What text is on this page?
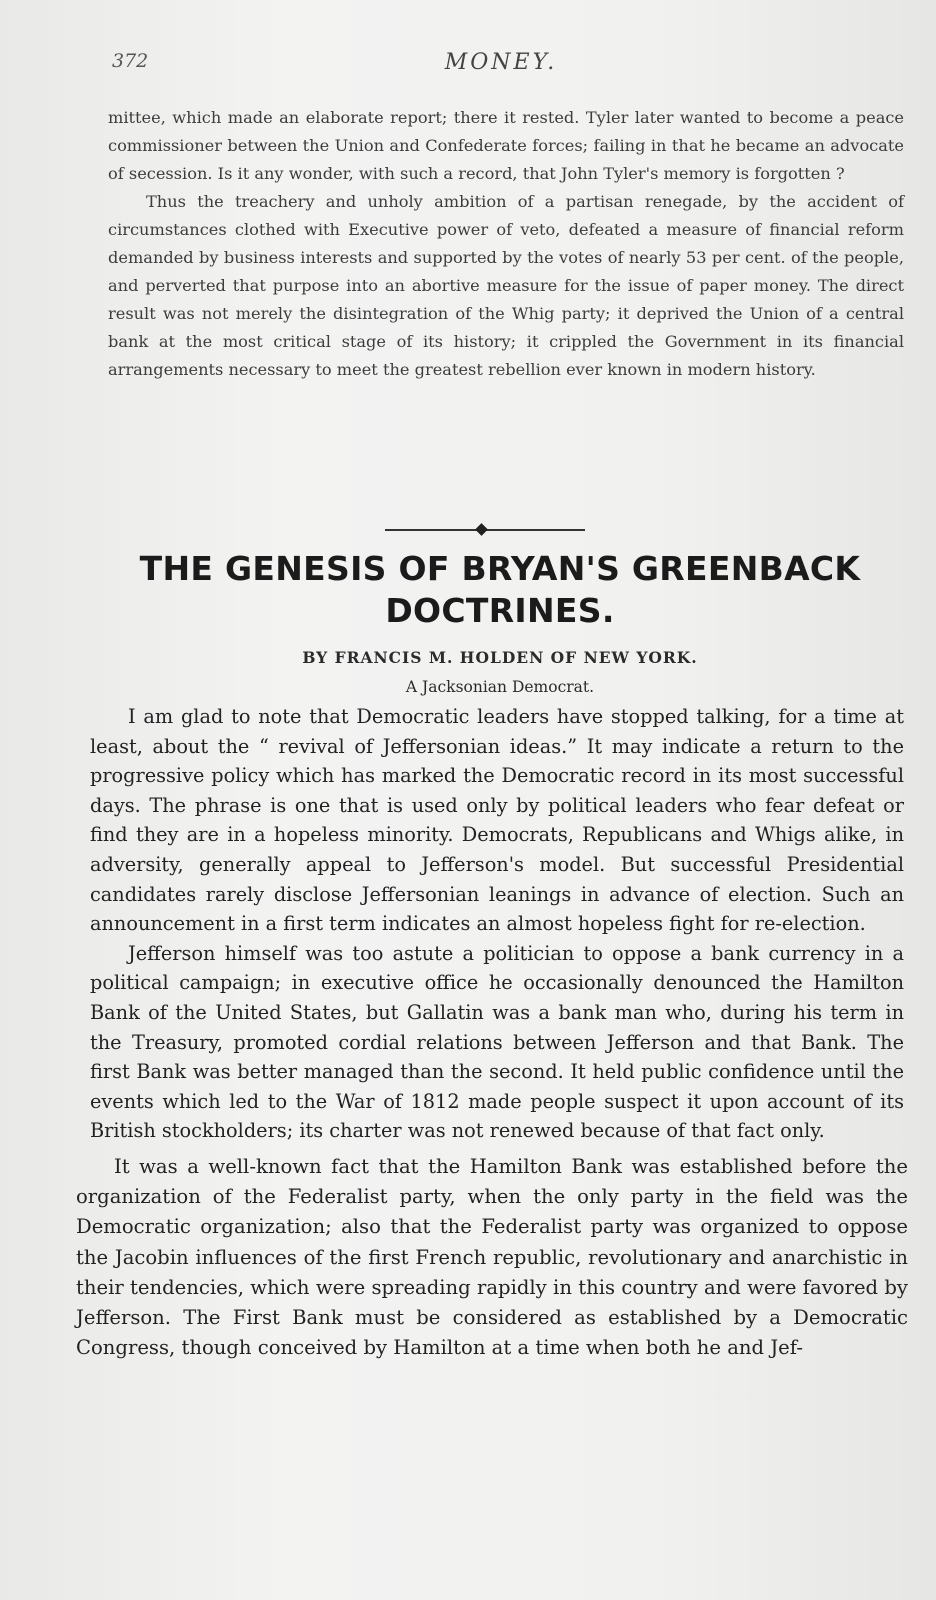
372	MONEY.

mittee, which made an elaborate report; there it rested. Tyler later wanted to become a peace commissioner between the Union and Confederate forces; failing in that he became an advocate of secession. Is it any wonder, with such a record, that John Tyler's memory is forgotten ?

Thus the treachery and unholy ambition of a partisan renegade, by the accident of circumstances clothed with Executive power of veto, defeated a measure of financial reform demanded by business interests and supported by the votes of nearly 53 per cent. of the people, and perverted that purpose into an abortive measure for the issue of paper money. The direct result was not merely the disintegration of the Whig party; it deprived the Union of a central bank at the most critical stage of its history; it crippled the Government in its financial arrangements necessary to meet the greatest rebellion ever known in modern history.

THE GENESIS OF BRYAN'S GREENBACK DOCTRINES.
BY FRANCIS M. HOLDEN OF NEW YORK.
A Jacksonian Democrat.

I am glad to note that Democratic leaders have stopped talking, for a time at least, about the “ revival of Jeffersonian ideas.” It may indicate a return to the progressive policy which has marked the Democratic record in its most successful days. The phrase is one that is used only by political leaders who fear defeat or find they are in a hopeless minority. Democrats, Republicans and Whigs alike, in adversity, generally appeal to Jefferson's model. But successful Presidential candidates rarely disclose Jeffersonian leanings in advance of election. Such an announcement in a first term indicates an almost hopeless fight for re-election.

Jefferson himself was too astute a politician to oppose a bank currency in a political campaign; in executive office he occasionally denounced the Hamilton Bank of the United States, but Gallatin was a bank man who, during his term in the Treasury, promoted cordial relations between Jefferson and that Bank. The first Bank was better managed than the second. It held public confidence until the events which led to the War of 1812 made people suspect it upon account of its British stockholders; its charter was not renewed because of that fact only.

It was a well-known fact that the Hamilton Bank was established before the organization of the Federalist party, when the only party in the field was the Democratic organization; also that the Federalist party was organized to oppose the Jacobin influences of the first French republic, revolutionary and anarchistic in their tendencies, which were spreading rapidly in this country and were favored by Jefferson. The First Bank must be considered as established by a Democratic Congress, though conceived by Hamilton at a time when both he and Jef-
